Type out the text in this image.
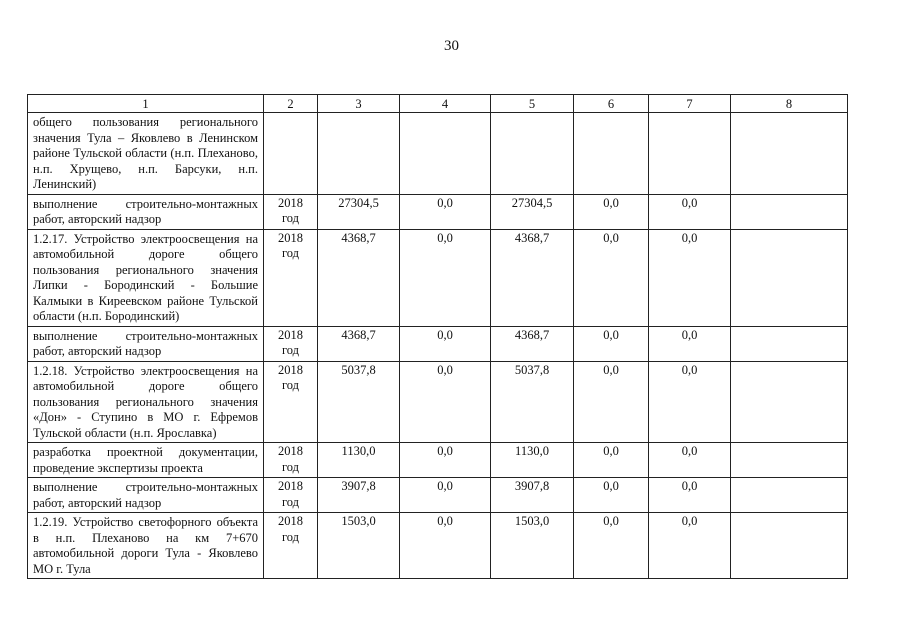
30
1	2	3	4	5	6	7	8
общего пользования регионального значения Тула – Яковлево в Ленинском районе Тульской области (н.п. Плеханово, н.п. Хрущево, н.п. Барсуки, н.п. Ленинский)							
выполнение строительно-монтажных работ, авторский надзор	2018 год	27304,5	0,0	27304,5	0,0	0,0	
1.2.17. Устройство электроосвещения на автомобильной дороге общего пользования регионального значения Липки - Бородинский - Большие Калмыки в Киреевском районе Тульской области (н.п. Бородинский)	2018 год	4368,7	0,0	4368,7	0,0	0,0	
выполнение строительно-монтажных работ, авторский надзор	2018 год	4368,7	0,0	4368,7	0,0	0,0	
1.2.18. Устройство электроосвещения на автомобильной дороге общего пользования регионального значения «Дон» - Ступино в МО г. Ефремов Тульской области (н.п. Ярославка)	2018 год	5037,8	0,0	5037,8	0,0	0,0	
разработка проектной документации, проведение экспертизы проекта	2018 год	1130,0	0,0	1130,0	0,0	0,0	
выполнение строительно-монтажных работ, авторский надзор	2018 год	3907,8	0,0	3907,8	0,0	0,0	
1.2.19. Устройство светофорного объекта в н.п. Плеханово на км 7+670 автомобильной дороги Тула - Яковлево МО г. Тула	2018 год	1503,0	0,0	1503,0	0,0	0,0	
